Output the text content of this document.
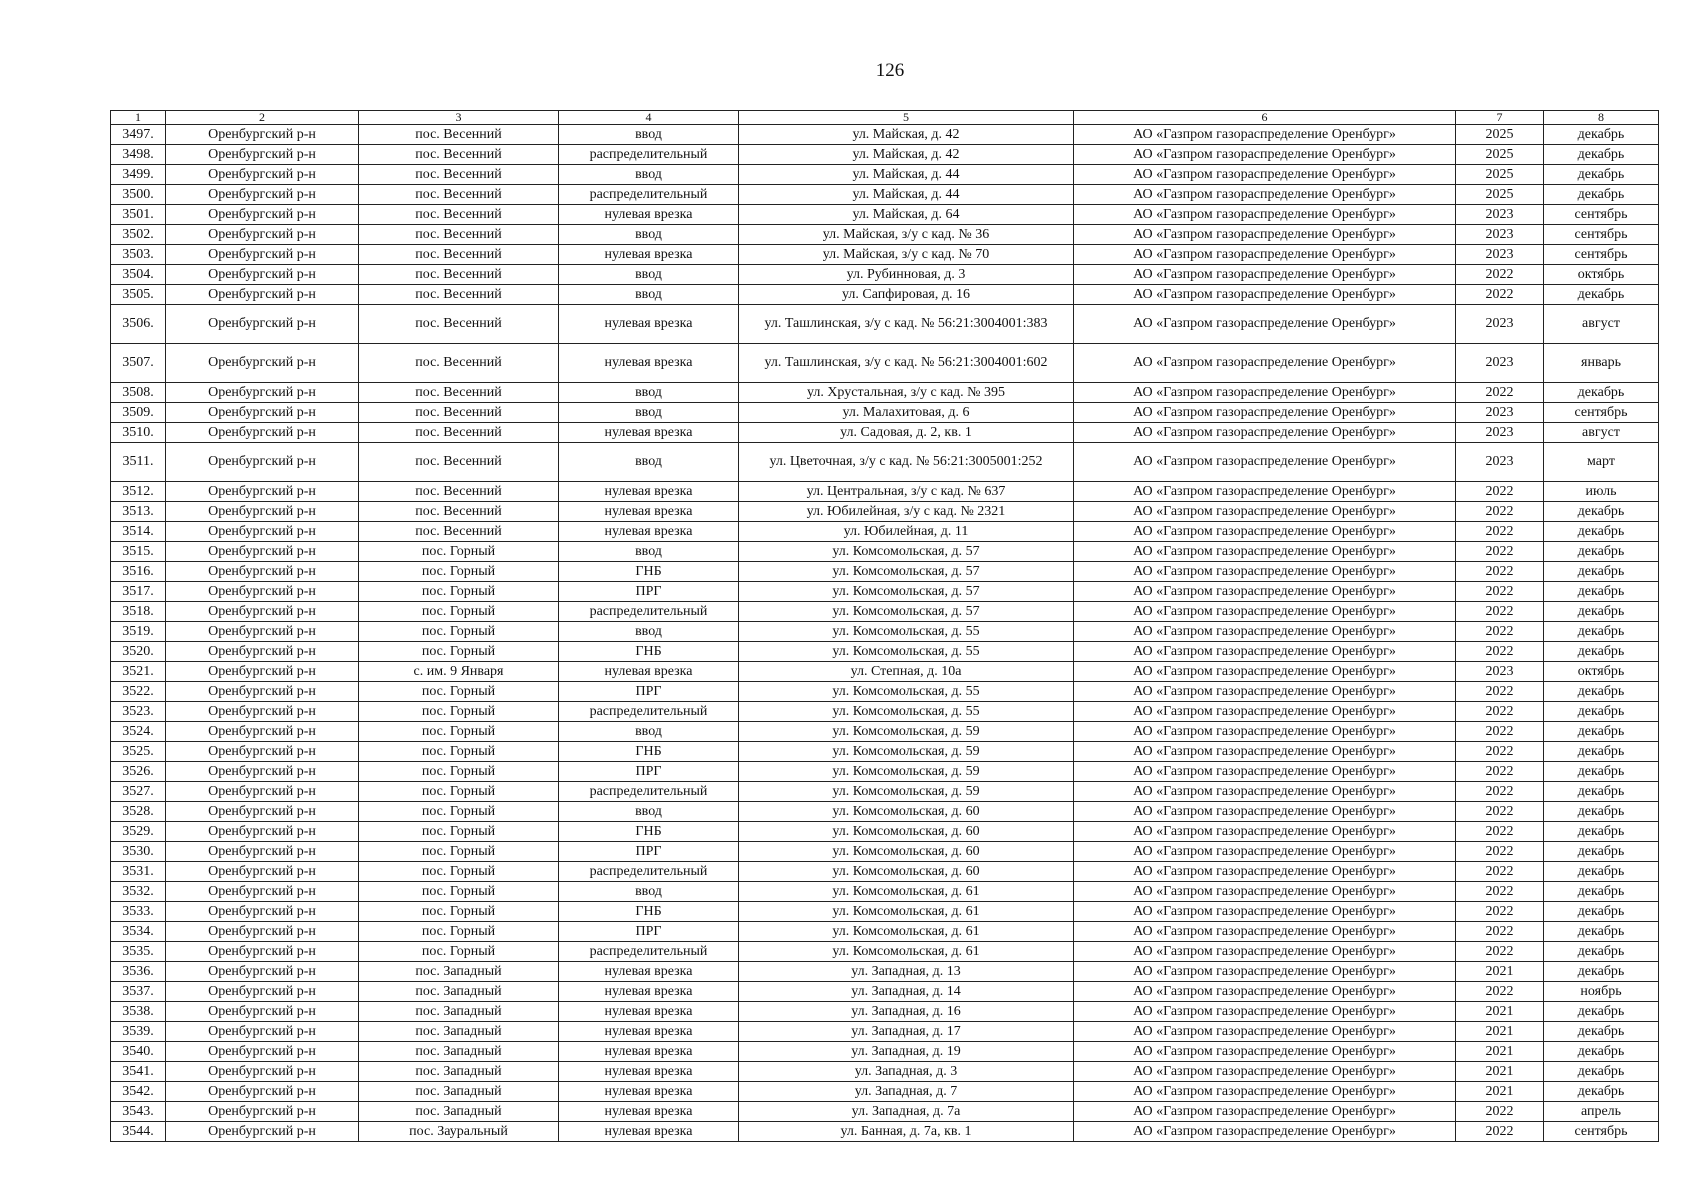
126
1	2	3	4	5	6	7	8
3497.	Оренбургский р-н	пос. Весенний	ввод	ул. Майская, д. 42	АО «Газпром газораспределение Оренбург»	2025	декабрь
3498.	Оренбургский р-н	пос. Весенний	распределительный	ул. Майская, д. 42	АО «Газпром газораспределение Оренбург»	2025	декабрь
3499.	Оренбургский р-н	пос. Весенний	ввод	ул. Майская, д. 44	АО «Газпром газораспределение Оренбург»	2025	декабрь
3500.	Оренбургский р-н	пос. Весенний	распределительный	ул. Майская, д. 44	АО «Газпром газораспределение Оренбург»	2025	декабрь
3501.	Оренбургский р-н	пос. Весенний	нулевая врезка	ул. Майская, д. 64	АО «Газпром газораспределение Оренбург»	2023	сентябрь
3502.	Оренбургский р-н	пос. Весенний	ввод	ул. Майская, з/у с кад. № 36	АО «Газпром газораспределение Оренбург»	2023	сентябрь
3503.	Оренбургский р-н	пос. Весенний	нулевая врезка	ул. Майская, з/у с кад. № 70	АО «Газпром газораспределение Оренбург»	2023	сентябрь
3504.	Оренбургский р-н	пос. Весенний	ввод	ул. Рубинновая, д. 3	АО «Газпром газораспределение Оренбург»	2022	октябрь
3505.	Оренбургский р-н	пос. Весенний	ввод	ул. Сапфировая, д. 16	АО «Газпром газораспределение Оренбург»	2022	декабрь
3506.	Оренбургский р-н	пос. Весенний	нулевая врезка	ул. Ташлинская, з/у с кад. № 56:21:3004001:383	АО «Газпром газораспределение Оренбург»	2023	август
3507.	Оренбургский р-н	пос. Весенний	нулевая врезка	ул. Ташлинская, з/у с кад. № 56:21:3004001:602	АО «Газпром газораспределение Оренбург»	2023	январь
3508.	Оренбургский р-н	пос. Весенний	ввод	ул. Хрустальная, з/у с кад. № 395	АО «Газпром газораспределение Оренбург»	2022	декабрь
3509.	Оренбургский р-н	пос. Весенний	ввод	ул. Малахитовая, д. 6	АО «Газпром газораспределение Оренбург»	2023	сентябрь
3510.	Оренбургский р-н	пос. Весенний	нулевая врезка	ул. Садовая, д. 2, кв. 1	АО «Газпром газораспределение Оренбург»	2023	август
3511.	Оренбургский р-н	пос. Весенний	ввод	ул. Цветочная, з/у с кад. № 56:21:3005001:252	АО «Газпром газораспределение Оренбург»	2023	март
3512.	Оренбургский р-н	пос. Весенний	нулевая врезка	ул. Центральная, з/у с кад. № 637	АО «Газпром газораспределение Оренбург»	2022	июль
3513.	Оренбургский р-н	пос. Весенний	нулевая врезка	ул. Юбилейная, з/у с кад. № 2321	АО «Газпром газораспределение Оренбург»	2022	декабрь
3514.	Оренбургский р-н	пос. Весенний	нулевая врезка	ул. Юбилейная, д. 11	АО «Газпром газораспределение Оренбург»	2022	декабрь
3515.	Оренбургский р-н	пос. Горный	ввод	ул. Комсомольская, д. 57	АО «Газпром газораспределение Оренбург»	2022	декабрь
3516.	Оренбургский р-н	пос. Горный	ГНБ	ул. Комсомольская, д. 57	АО «Газпром газораспределение Оренбург»	2022	декабрь
3517.	Оренбургский р-н	пос. Горный	ПРГ	ул. Комсомольская, д. 57	АО «Газпром газораспределение Оренбург»	2022	декабрь
3518.	Оренбургский р-н	пос. Горный	распределительный	ул. Комсомольская, д. 57	АО «Газпром газораспределение Оренбург»	2022	декабрь
3519.	Оренбургский р-н	пос. Горный	ввод	ул. Комсомольская, д. 55	АО «Газпром газораспределение Оренбург»	2022	декабрь
3520.	Оренбургский р-н	пос. Горный	ГНБ	ул. Комсомольская, д. 55	АО «Газпром газораспределение Оренбург»	2022	декабрь
3521.	Оренбургский р-н	с. им. 9 Января	нулевая врезка	ул. Степная, д. 10а	АО «Газпром газораспределение Оренбург»	2023	октябрь
3522.	Оренбургский р-н	пос. Горный	ПРГ	ул. Комсомольская, д. 55	АО «Газпром газораспределение Оренбург»	2022	декабрь
3523.	Оренбургский р-н	пос. Горный	распределительный	ул. Комсомольская, д. 55	АО «Газпром газораспределение Оренбург»	2022	декабрь
3524.	Оренбургский р-н	пос. Горный	ввод	ул. Комсомольская, д. 59	АО «Газпром газораспределение Оренбург»	2022	декабрь
3525.	Оренбургский р-н	пос. Горный	ГНБ	ул. Комсомольская, д. 59	АО «Газпром газораспределение Оренбург»	2022	декабрь
3526.	Оренбургский р-н	пос. Горный	ПРГ	ул. Комсомольская, д. 59	АО «Газпром газораспределение Оренбург»	2022	декабрь
3527.	Оренбургский р-н	пос. Горный	распределительный	ул. Комсомольская, д. 59	АО «Газпром газораспределение Оренбург»	2022	декабрь
3528.	Оренбургский р-н	пос. Горный	ввод	ул. Комсомольская, д. 60	АО «Газпром газораспределение Оренбург»	2022	декабрь
3529.	Оренбургский р-н	пос. Горный	ГНБ	ул. Комсомольская, д. 60	АО «Газпром газораспределение Оренбург»	2022	декабрь
3530.	Оренбургский р-н	пос. Горный	ПРГ	ул. Комсомольская, д. 60	АО «Газпром газораспределение Оренбург»	2022	декабрь
3531.	Оренбургский р-н	пос. Горный	распределительный	ул. Комсомольская, д. 60	АО «Газпром газораспределение Оренбург»	2022	декабрь
3532.	Оренбургский р-н	пос. Горный	ввод	ул. Комсомольская, д. 61	АО «Газпром газораспределение Оренбург»	2022	декабрь
3533.	Оренбургский р-н	пос. Горный	ГНБ	ул. Комсомольская, д. 61	АО «Газпром газораспределение Оренбург»	2022	декабрь
3534.	Оренбургский р-н	пос. Горный	ПРГ	ул. Комсомольская, д. 61	АО «Газпром газораспределение Оренбург»	2022	декабрь
3535.	Оренбургский р-н	пос. Горный	распределительный	ул. Комсомольская, д. 61	АО «Газпром газораспределение Оренбург»	2022	декабрь
3536.	Оренбургский р-н	пос. Западный	нулевая врезка	ул. Западная, д. 13	АО «Газпром газораспределение Оренбург»	2021	декабрь
3537.	Оренбургский р-н	пос. Западный	нулевая врезка	ул. Западная, д. 14	АО «Газпром газораспределение Оренбург»	2022	ноябрь
3538.	Оренбургский р-н	пос. Западный	нулевая врезка	ул. Западная, д. 16	АО «Газпром газораспределение Оренбург»	2021	декабрь
3539.	Оренбургский р-н	пос. Западный	нулевая врезка	ул. Западная, д. 17	АО «Газпром газораспределение Оренбург»	2021	декабрь
3540.	Оренбургский р-н	пос. Западный	нулевая врезка	ул. Западная, д. 19	АО «Газпром газораспределение Оренбург»	2021	декабрь
3541.	Оренбургский р-н	пос. Западный	нулевая врезка	ул. Западная, д. 3	АО «Газпром газораспределение Оренбург»	2021	декабрь
3542.	Оренбургский р-н	пос. Западный	нулевая врезка	ул. Западная, д. 7	АО «Газпром газораспределение Оренбург»	2021	декабрь
3543.	Оренбургский р-н	пос. Западный	нулевая врезка	ул. Западная, д. 7а	АО «Газпром газораспределение Оренбург»	2022	апрель
3544.	Оренбургский р-н	пос. Зауральный	нулевая врезка	ул. Банная, д. 7а, кв. 1	АО «Газпром газораспределение Оренбург»	2022	сентябрь
